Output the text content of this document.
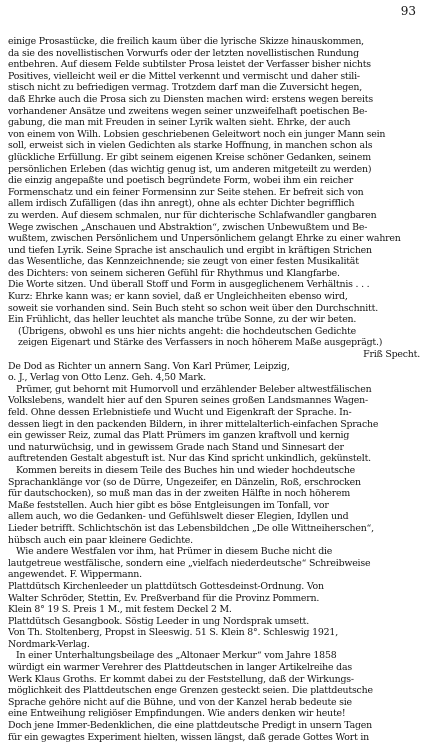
93
einige Prosastücke, die freilich kaum über die lyrische Skizze hinauskommen,
da sie des novellistischen Vorwurfs oder der letzten novellistischen Rundung
entbehren. Auf diesem Felde subtilster Prosa leistet der Verfasser bisher nichts
Positives, vielleicht weil er die Mittel verkennt und vermischt und daher stili-
stisch nicht zu befriedigen vermag. Trotzdem darf man die Zuversicht hegen,
daß Ehrke auch die Prosa sich zu Diensten machen wird: erstens wegen bereits
vorhandener Ansätze und zweitens wegen seiner unzweifelhaft poetischen Be-
gabung, die man mit Freuden in seiner Lyrik walten sieht. Ehrke, der auch
von einem von Wilh. Lobsien geschriebenen Geleitwort noch ein junger Mann sein
soll, erweist sich in vielen Gedichten als starke Hoffnung, in manchen schon als
glückliche Erfüllung. Er gibt seinem eigenen Kreise schöner Gedanken, seinem
persönlichen Erleben (das wichtig genug ist, um anderen mitgeteilt zu werden)
die einzig angepaßte und poetisch begründete Form, wobei ihm ein reicher
Formenschatz und ein feiner Formensinn zur Seite stehen. Er befreit sich von
allem irdisch Zufälligen (das ihn anregt), ohne als echter Dichter begrifflich
zu werden. Auf diesem schmalen, nur für dichterische Schlafwandler gangbaren
Wege zwischen „Anschauen und Abstraktion“, zwischen Unbewußtem und Be-
wußtem, zwischen Persönlichem und Unpersönlichem gelangt Ehrke zu einer wahren
und tiefen Lyrik. Seine Sprache ist anschaulich und ergibt in kräftigen Strichen
das Wesentliche, das Kennzeichnende; sie zeugt von einer festen Musikalität
des Dichters: von seinem sicheren Gefühl für Rhythmus und Klangfarbe.
Die Worte sitzen. Und überall Stoff und Form in ausgeglichenem Verhältnis . . .
Kurz: Ehrke kann was; er kann soviel, daß er Ungleichheiten ebenso wird,
soweit sie vorhanden sind. Sein Buch steht so schon weit über den Durchschnitt.
Ein Frühlicht, das heller leuchtet als manche trübe Sonne, zu der wir beten.
(Übrigens, obwohl es uns hier nichts angeht: die hochdeutschen Gedichte
zeigen Eigenart und Stärke des Verfassers in noch höherem Maße ausgeprägt.)
Friß Specht.
De Dod as Richter un annern Sang. Von Karl Prümer, Leipzig,
o. J., Verlag von Otto Lenz. Geh. 4,50 Mark.
Prümer, gut behornt mit Humorvoll und erzählender Beleber altwestfälischen
Volkslebens, wandelt hier auf den Spuren seines großen Landsmannes Wagen-
feld. Ohne dessen Erlebnistiefe und Wucht und Eigenkraft der Sprache. In-
dessen liegt in den packenden Bildern, in ihrer mittelalterlich-einfachen Sprache
ein gewisser Reiz, zumal das Platt Prümers im ganzen kraftvoll und kernig
und naturwüchsig, und in gewissem Grade nach Stand und Sinnesart der
auftretenden Gestalt abgestuft ist. Nur das Kind spricht unkindlich, gekünstelt.
Kommen bereits in diesem Teile des Buches hin und wieder hochdeutsche
Sprachanklänge vor (so de Dürre, Ungezeifer, en Dänzelin, Roß, erschrocken
für dautschocken), so muß man das in der zweiten Hälfte in noch höherem
Maße feststellen. Auch hier gibt es böse Entgleisungen im Tonfall, vor
allem auch, wo die Gedanken- und Gefühlswelt dieser Elegien, Idyllen und
Lieder betrifft. Schlichtschön ist das Lebensbildchen „De olle Wittneiherschen“,
hübsch auch ein paar kleinere Gedichte.
Wie andere Westfalen vor ihm, hat Prümer in diesem Buche nicht die
lautgetreue westfälische, sondern eine „vielfach niederdeutsche“ Schreibweise
angewendet. F. Wippermann.
Plattdütsch Kirchenleeder un plattdütsch Gottesdeinst-Ordnung. Von
Walter Schröder, Stettin, Ev. Preßverband für die Provinz Pommern.
Klein 8° 19 S. Preis 1 M., mit festem Deckel 2 M.
Plattdütsch Gesangbook. Söstig Leeder in ung Nordsprak umsett.
Von Th. Stoltenberg, Propst in Sleeswig. 51 S. Klein 8°. Schleswig 1921,
Nordmark-Verlag.
In einer Unterhaltungsbeilage des „Altonaer Merkur“ vom Jahre 1858
würdigt ein warmer Verehrer des Plattdeutschen in langer Artikelreihe das
Werk Klaus Groths. Er kommt dabei zu der Feststellung, daß der Wirkungs-
möglichkeit des Plattdeutschen enge Grenzen gesteckt seien. Die plattdeutsche
Sprache gehöre nicht auf die Bühne, und von der Kanzel herab bedeute sie
eine Entweihung religiöser Empfindungen. Wie anders denken wir heute!
Doch jene Immer-Bedenklichen, die eine plattdeutsche Predigt in unsern Tagen
für ein gewagtes Experiment hielten, wissen längst, daß gerade Gottes Wort in
